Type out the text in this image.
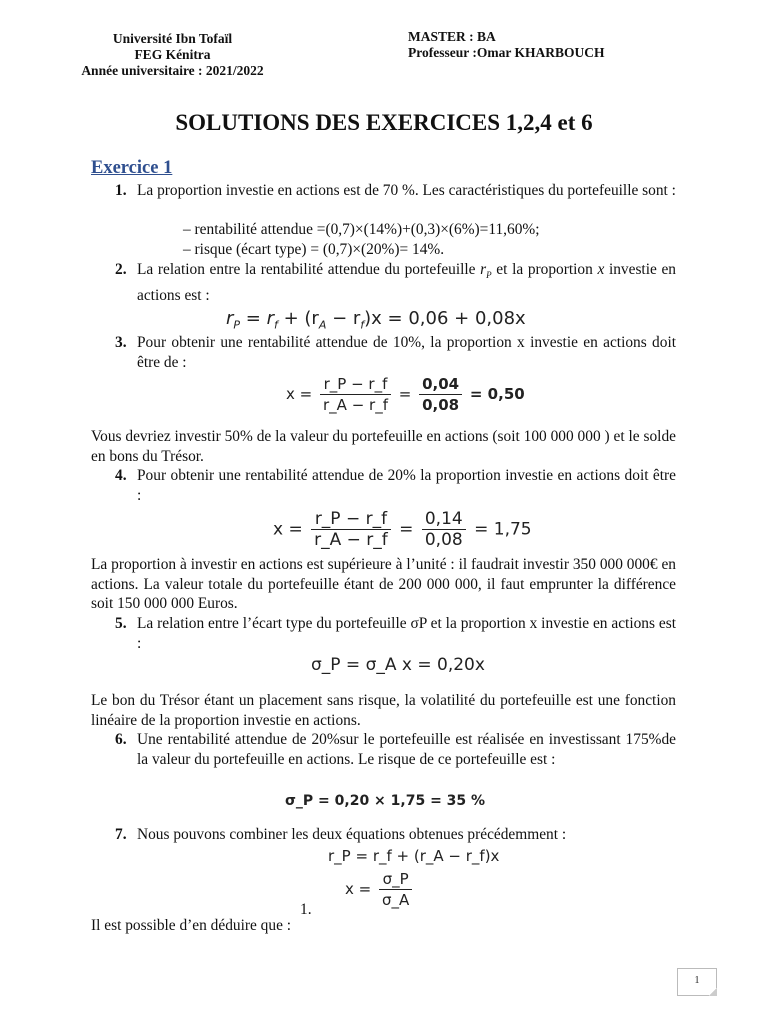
Université Ibn Tofaïl
FEG Kénitra
Année universitaire : 2021/2022
MASTER : BA
Professeur :Omar KHARBOUCH
SOLUTIONS DES EXERCICES 1,2,4 et 6
Exercice 1
1. La proportion investie en actions est de 70 %. Les caractéristiques du portefeuille sont :
– rentabilité attendue =(0,7)×(14%)+(0,3)×(6%)=11,60%;
– risque (écart type) = (0,7)×(20%)= 14%.
2. La relation entre la rentabilité attendue du portefeuille $r_P$ et la proportion x investie en actions est :
$r_P = r_f + (r_A - r_f)x = 0,06 + 0,08x$
3. Pour obtenir une rentabilité attendue de 10%, la proportion x investie en actions doit être de :
$x = \frac{r\_P - r\_f}{r\_A - r\_f} = \frac{0,04}{0,08} = 0,50$
Vous devriez investir 50% de la valeur du portefeuille en actions (soit 100 000 000 ) et le solde en bons du Trésor.
4. Pour obtenir une rentabilité attendue de 20% la proportion investie en actions doit être :
$x = \frac{r\_P - r\_f}{r\_A - r\_f} = \frac{0,14}{0,08} = 1,75$
La proportion à investir en actions est supérieure à l’unité : il faudrait investir 350 000 000€ en actions. La valeur totale du portefeuille étant de 200 000 000, il faut emprunter la différence soit 150 000 000 Euros.
5. La relation entre l’écart type du portefeuille σP et la proportion x investie en actions est :
σ_P = σ_A x = 0,20x
Le bon du Trésor étant un placement sans risque, la volatilité du portefeuille est une fonction linéaire de la proportion investie en actions.
6. Une rentabilité attendue de 20%sur le portefeuille est réalisée en investissant 175%de la valeur du portefeuille en actions. Le risque de ce portefeuille est :
σ_P = 0,20 × 1,75 = 35 %
7. Nous pouvons combiner les deux équations obtenues précédemment :
r_P = r_f + (r_A − r_f)x
$x = \frac{\sigma\_P}{\sigma\_A}$
1.
Il est possible d’en déduire que :
1
